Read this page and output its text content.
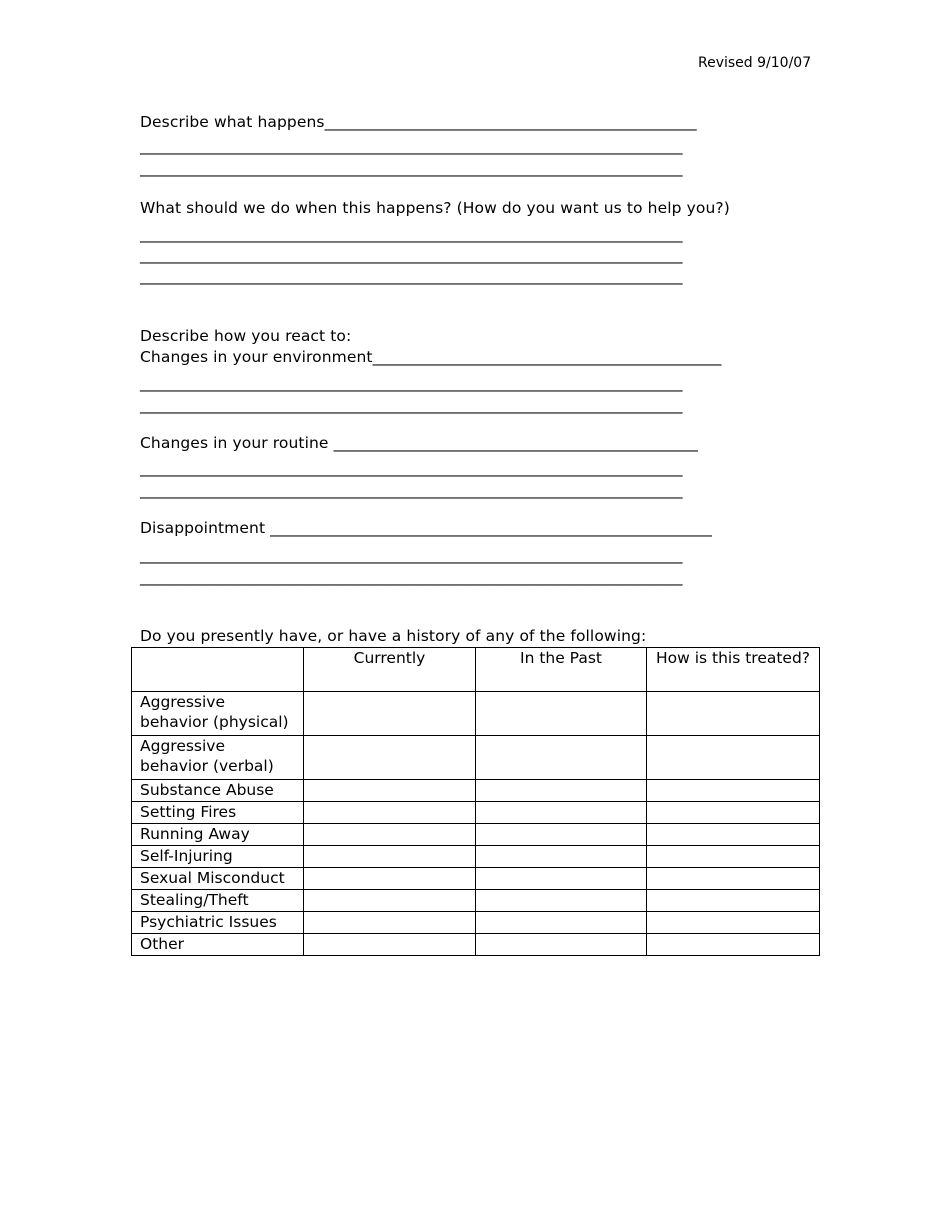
Revised 9/10/07
Describe what happens________________________________________________
______________________________________________________________________
______________________________________________________________________
What should we do when this happens? (How do you want us to help you?)
______________________________________________________________________
______________________________________________________________________
______________________________________________________________________
Describe how you react to:
Changes in your environment_____________________________________________
______________________________________________________________________
______________________________________________________________________
Changes in your routine _______________________________________________
______________________________________________________________________
______________________________________________________________________
Disappointment _________________________________________________________
______________________________________________________________________
______________________________________________________________________
Do you presently have, or have a history of any of the following:
	Currently	In the Past	How is this treated?
Aggressive behavior (physical)			
Aggressive behavior (verbal)			
Substance Abuse			
Setting Fires			
Running Away			
Self-Injuring			
Sexual Misconduct			
Stealing/Theft			
Psychiatric Issues			
Other			
